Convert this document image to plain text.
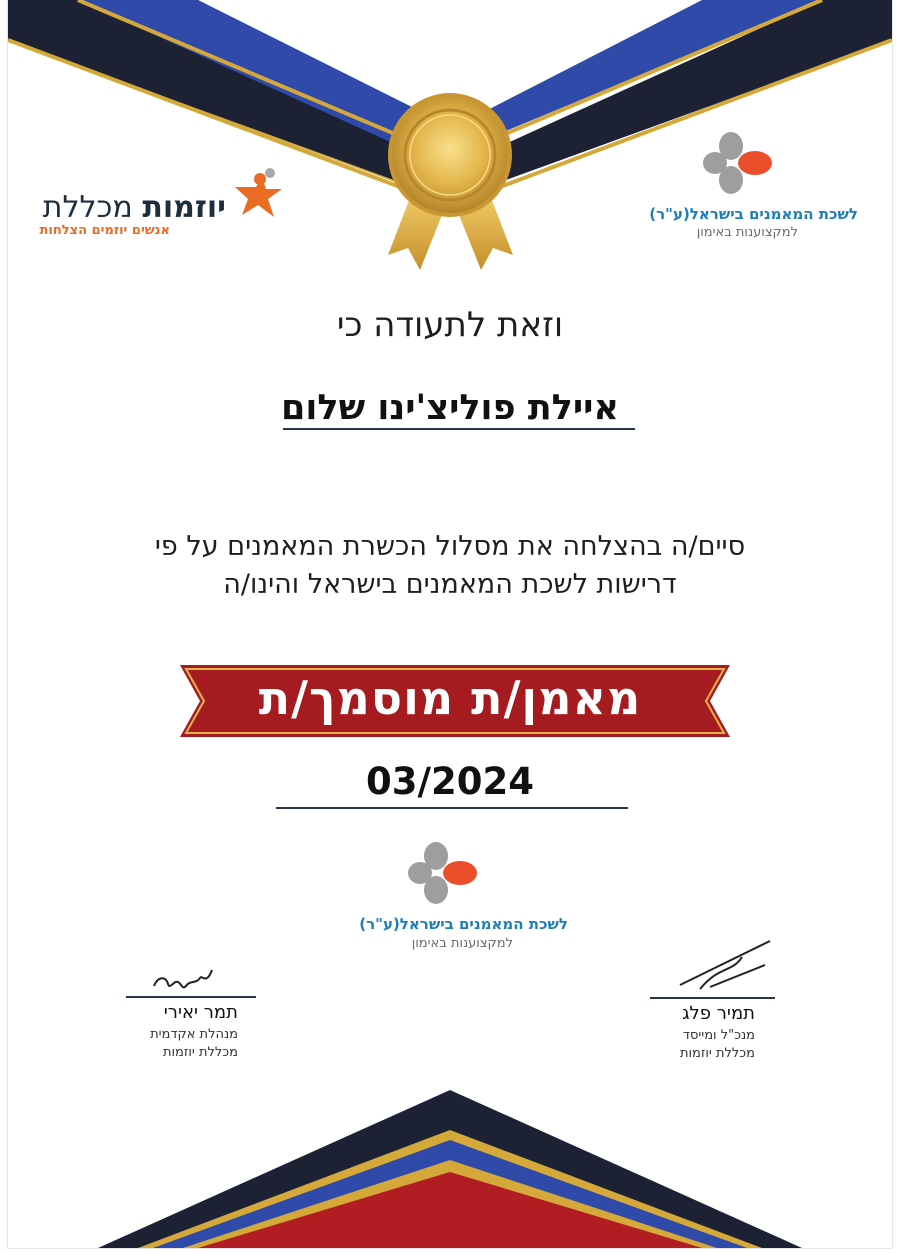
יוזמות מכללת
אנשים יוזמים הצלחות
לשכת המאמנים בישראל(ע"ר)
למקצוענות באימון
וזאת לתעודה כי
איילת פוליצ'ינו שלום
סיים/ה בהצלחה את מסלול הכשרת המאמנים על פי
דרישות לשכת המאמנים בישראל והינו/ה
מאמן/ת מוסמך/ת
03/2024
לשכת המאמנים בישראל(ע"ר)
למקצוענות באימון
תמר יאירי
מנהלת אקדמית
מכללת יוזמות
תמיר פלג
מנכ"ל ומייסד
מכללת יוזמות
